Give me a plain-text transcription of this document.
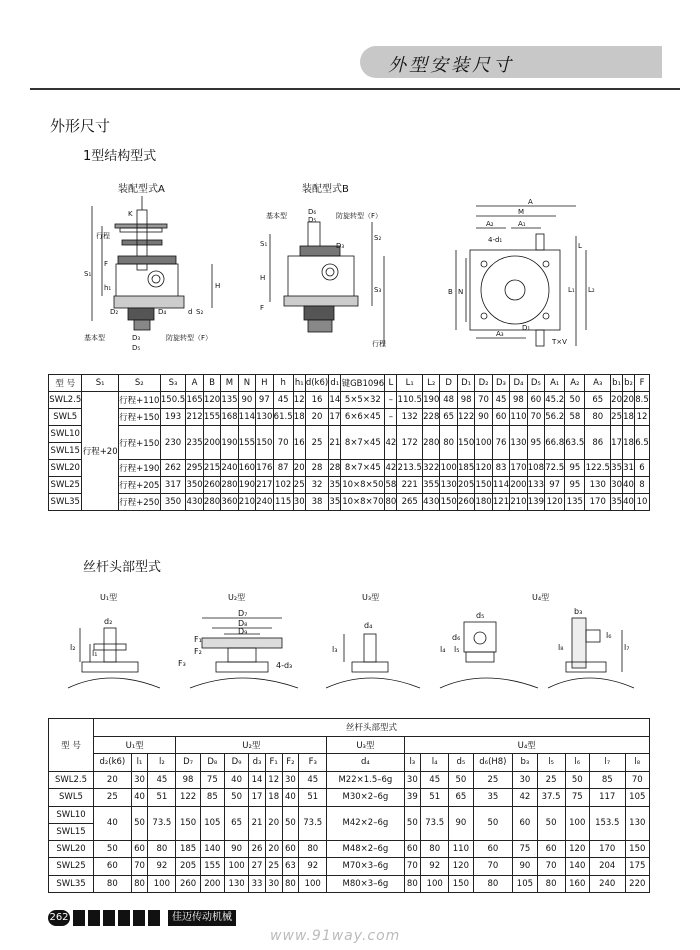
外型安装尺寸
外形尺寸
1型结构型式
装配型式A
K
行程
S₁
F
H
h₁
D₂	D₄
D₃
D₅
d S₂
基本型	防旋转型（F）
装配型式B
D₆
D₅
基本型	防旋转型（F）
D₃
S₁
S₂
H
S₃
F
行程
A
M
A₂	A₁
4-d₁
L
B N	L₁ L₂
A₃
D₁
T×V
型 号	S₁	S₂	S₃	A	B	M	N	H	h	h₁	d(k6)	d₁	键GB1096	L	L₁	L₂	D	D₁	D₂	D₃	D₄	D₅	A₁	A₂	A₃	b₁	b₂	F
SWL2.5	行程+20	行程+110	150.5	165	120	135	90	97	45	12	16	14	5×5×32	–	110.5	190	48	98	70	45	98	60	45.2	50	65	20	20	8.5
SWL5		行程+150	193	212	155	168	114	130	61.5	18	20	17	6×6×45	–	132	228	65	122	90	60	110	70	56.2	58	80	25	18	12

SWL10
SWL15		行程+150	230	235	200	190	155	150	70	16	25	21	8×7×45	42	172	280	80	150	100	76	130	95	66.8	63.5	86	17	18	6.5
SWL20		行程+190	262	295	215	240	160	176	87	20	28	28	8×7×45	42	213.5	322	100	185	120	83	170	108	72.5	95	122.5	35	31	6
SWL25		行程+205	317	350	260	280	190	217	102	25	32	35	10×8×50	58	221	355	130	205	150	114	200	133	97	95	130	30	40	8
SWL35		行程+250	350	430	280	360	210	240	115	30	38	35	10×8×70	80	265	430	150	260	180	121	210	139	120	135	170	35	40	10
丝杆头部型式
U₁型
d₂
l₂
l₁
U₂型
D₇
D₈
D₉
F₁
F₂
F₃	4-d₃
U₃型
d₄
l₃
U₄型
d₅
d₆
l₄ l₅
b₃
l₆
l₇
l₈
型 号	丝杆头部型式																			
	U₁型			U₂型							U₃型	U₄型								
	d₂(k6)	l₁	l₂	D₇	D₈	D₉	d₃	F₁	F₂	F₃	d₄	l₃	l₄	d₅	d₆(H8)	b₃	l₅	l₆	l₇	l₈
SWL2.5	20	30	45	98	75	40	14	12	30	45	M22×1.5–6g	30	45	50	25	30	25	50	85	70
SWL5	25	40	51	122	85	50	17	18	40	51	M30×2–6g	39	51	65	35	42	37.5	75	117	105

SWL10
SWL15	40	50	73.5	150	105	65	21	20	50	73.5	M42×2–6g	50	73.5	90	50	60	50	100	153.5	130
SWL20	50	60	80	185	140	90	26	20	60	80	M48×2–6g	60	80	110	60	75	60	120	170	150
SWL25	60	70	92	205	155	100	27	25	63	92	M70×3–6g	70	92	120	70	90	70	140	204	175
SWL35	80	80	100	260	200	130	33	30	80	100	M80×3–6g	80	100	150	80	105	80	160	240	220
262	佳迈传动机械
www.91way.com
